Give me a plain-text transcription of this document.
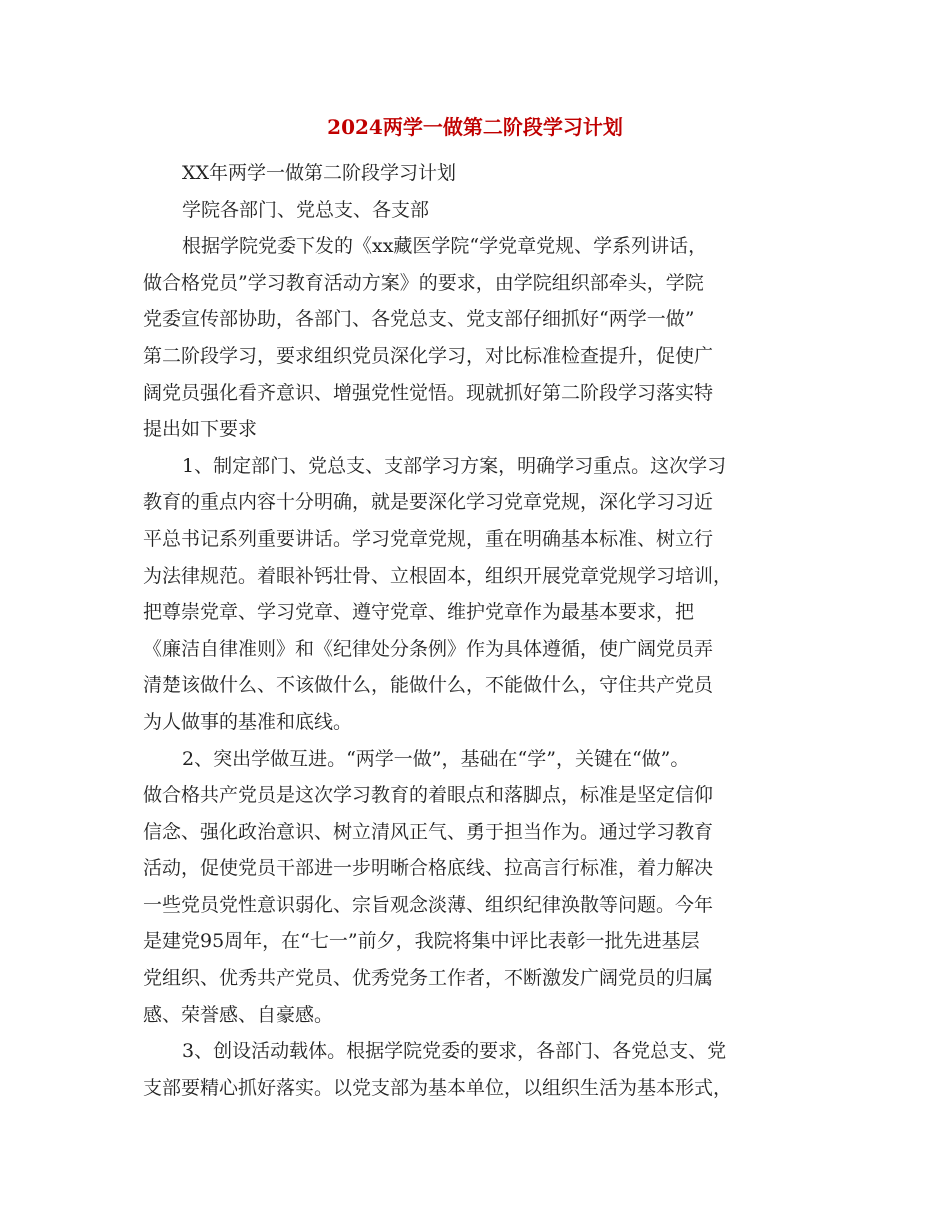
2024两学一做第二阶段学习计划
XX年两学一做第二阶段学习计划
学院各部门、党总支、各支部
根据学院党委下发的《xx藏医学院“学党章党规、学系列讲话，
做合格党员”学习教育活动方案》的要求，由学院组织部牵头，学院
党委宣传部协助，各部门、各党总支、党支部仔细抓好“两学一做”
第二阶段学习，要求组织党员深化学习，对比标准检查提升，促使广
阔党员强化看齐意识、增强党性觉悟。现就抓好第二阶段学习落实特
提出如下要求
1、制定部门、党总支、支部学习方案，明确学习重点。这次学习
教育的重点内容十分明确，就是要深化学习党章党规，深化学习习近
平总书记系列重要讲话。学习党章党规，重在明确基本标准、树立行
为法律规范。着眼补钙壮骨、立根固本，组织开展党章党规学习培训，
把尊崇党章、学习党章、遵守党章、维护党章作为最基本要求，把
《廉洁自律准则》和《纪律处分条例》作为具体遵循，使广阔党员弄
清楚该做什么、不该做什么，能做什么，不能做什么，守住共产党员
为人做事的基准和底线。
2、突出学做互进。“两学一做”，基础在“学”，关键在“做”。
做合格共产党员是这次学习教育的着眼点和落脚点，标准是坚定信仰
信念、强化政治意识、树立清风正气、勇于担当作为。通过学习教育
活动，促使党员干部进一步明晰合格底线、拉高言行标准，着力解决
一些党员党性意识弱化、宗旨观念淡薄、组织纪律涣散等问题。今年
是建党95周年，在“七一”前夕，我院将集中评比表彰一批先进基层
党组织、优秀共产党员、优秀党务工作者，不断激发广阔党员的归属
感、荣誉感、自豪感。
3、创设活动载体。根据学院党委的要求，各部门、各党总支、党
支部要精心抓好落实。以党支部为基本单位，以组织生活为基本形式，
